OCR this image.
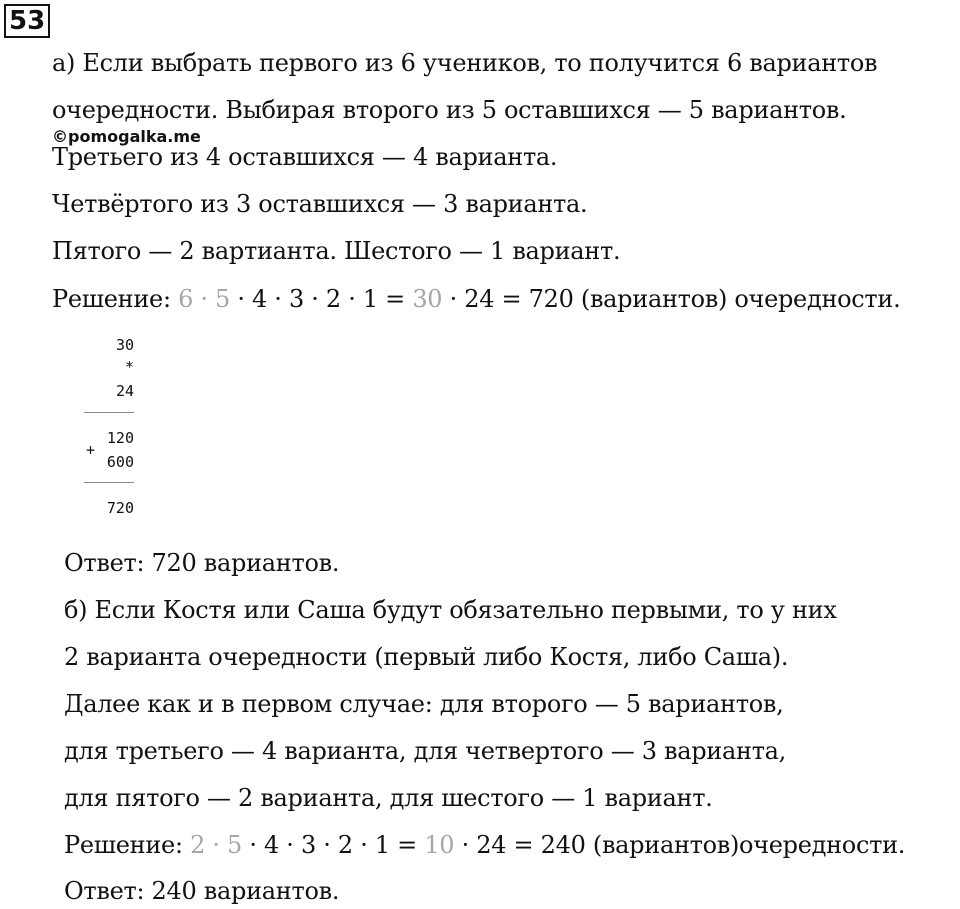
53
©pomogalka.me
а) Если выбрать первого из 6 учеников, то получится 6 вариантов
очередности. Выбирая второго из 5 оставшихся — 5 вариантов.
Третьего из 4 оставшихся — 4 варианта.
Четвёртого из 3 оставшихся — 3 варианта.
Пятого — 2 вартианта. Шестого — 1 вариант.
Решение: 6 · 5 · 4 · 3 · 2 · 1 = 30 · 24 = 720 (вариантов) очередности.
30
*
24
120
+
600
720
Ответ: 720 вариантов.
б) Если Костя или Саша будут обязательно первыми, то у них
2 варианта очередности (первый либо Костя, либо Саша).
Далее как и в первом случае: для второго — 5 вариантов,
для третьего — 4 варианта, для четвертого — 3 варианта,
для пятого — 2 варианта, для шестого — 1 вариант.
Решение: 2 · 5 · 4 · 3 · 2 · 1 = 10 · 24 = 240 (вариантов)очередности.
Ответ: 240 вариантов.
